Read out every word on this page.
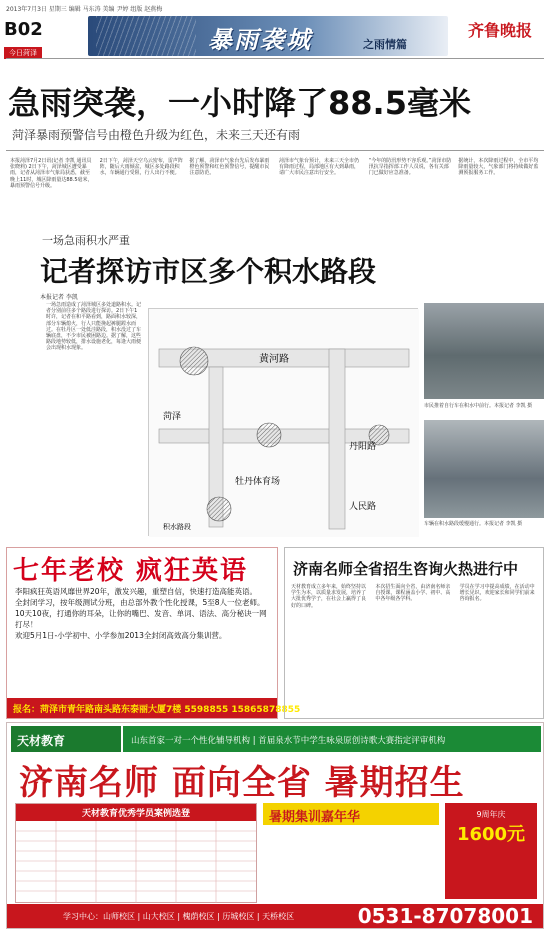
2013年7月3日 星期三 编辑 马东涛 美编 尹婷 组版 赵燕梅
B02
今日菏泽	暴雨袭城	之雨情篇
齐鲁晚报
急雨突袭，一小时降了88.5毫米
菏泽暴雨预警信号由橙色升级为红色，未来三天还有雨
本报菏泽7月2日讯(记者 李凯 通讯员 张晓莉) 2日下午，菏泽城区遭受暴雨，记者从菏泽市气象局获悉，截至晚上11时，城区降雨量达88.5毫米，暴雨预警信号升级。
2日下午，菏泽天空乌云密布，雷声阵阵，随后大雨倾盆，城区多处路段积水，车辆通行受阻，行人出行不便。
据了解，菏泽市气象台先后发布暴雨橙色预警和红色预警信号，提醒市民注意防范。
菏泽市气象台预计，未来三天全市仍有降雨过程，局部地区有大到暴雨，请广大市民注意出行安全。
“今年的防汛形势不容乐观。”菏泽市防汛抗旱指挥部工作人员说，各有关部门已做好应急准备。
据统计，本次降雨过程中，全市平均降雨量较大，气象部门将持续做好监测预报服务工作。
一场急雨积水严重
记者探访市区多个积水路段
本报记者 李凯
一场急雨造成了菏泽城区多处道路积水。记者分别前往多个路段进行探访。2日下午1时许，记者在和平路看到，路面积水较深，部分车辆熄火，行人只能挽起裤腿蹚水而过。在牡丹区一处低洼路段，积水没过了车辆底盘，不少市民被困路边。据了解，这些路段地势较低，排水设施老化，每逢大雨便会出现积水现象。
黄河路
丹阳路
人民路
牡丹体育场
菏泽
积水路段
市民推着自行车在积水中前行。本报记者 李凯 摄
车辆在积水路段缓慢通行。本报记者 李凯 摄
七年老校 疯狂英语

李阳疯狂英语风靡世界20年，激发兴趣，重塑自信，快速打造高能英语。

全封闭学习，按年级测试分班，由总部外教个性化授课，5至8人一位老师。

10天10夜，打通你的耳朵，让你的嘴巴、发音、单词、语法、高分秘诀一网打尽！

欢迎5月1日-小学初中、小学参加2013全封闭高效高分集训营。

报名：菏泽市青年路南头路东泰丽大厦7楼 5598855 15865878855
济南名师全省招生咨询火热进行中
天材教育成立多年来，始终坚持以学生为本，以质量求发展，培养了大批优秀学子，在社会上赢得了良好的口碑。
本次招生面向全省，由济南名师亲自授课，课程涵盖小学、初中、高中各年级各学科。
学员在学习中提高成绩，在活动中增长见识，欢迎家长和同学们前来咨询报名。
天材教育	山东首家一对一个性化辅导机构 | 首届泉水节中学生咏泉原创诗歌大赛指定评审机构
济南名师 面向全省 暑期招生
天材教育优秀学员案例选登	暑期集训嘉年华	9周年庆
1600元
学习中心：山师校区 | 山大校区 | 槐荫校区 | 历城校区 | 天桥校区	0531-87078001
